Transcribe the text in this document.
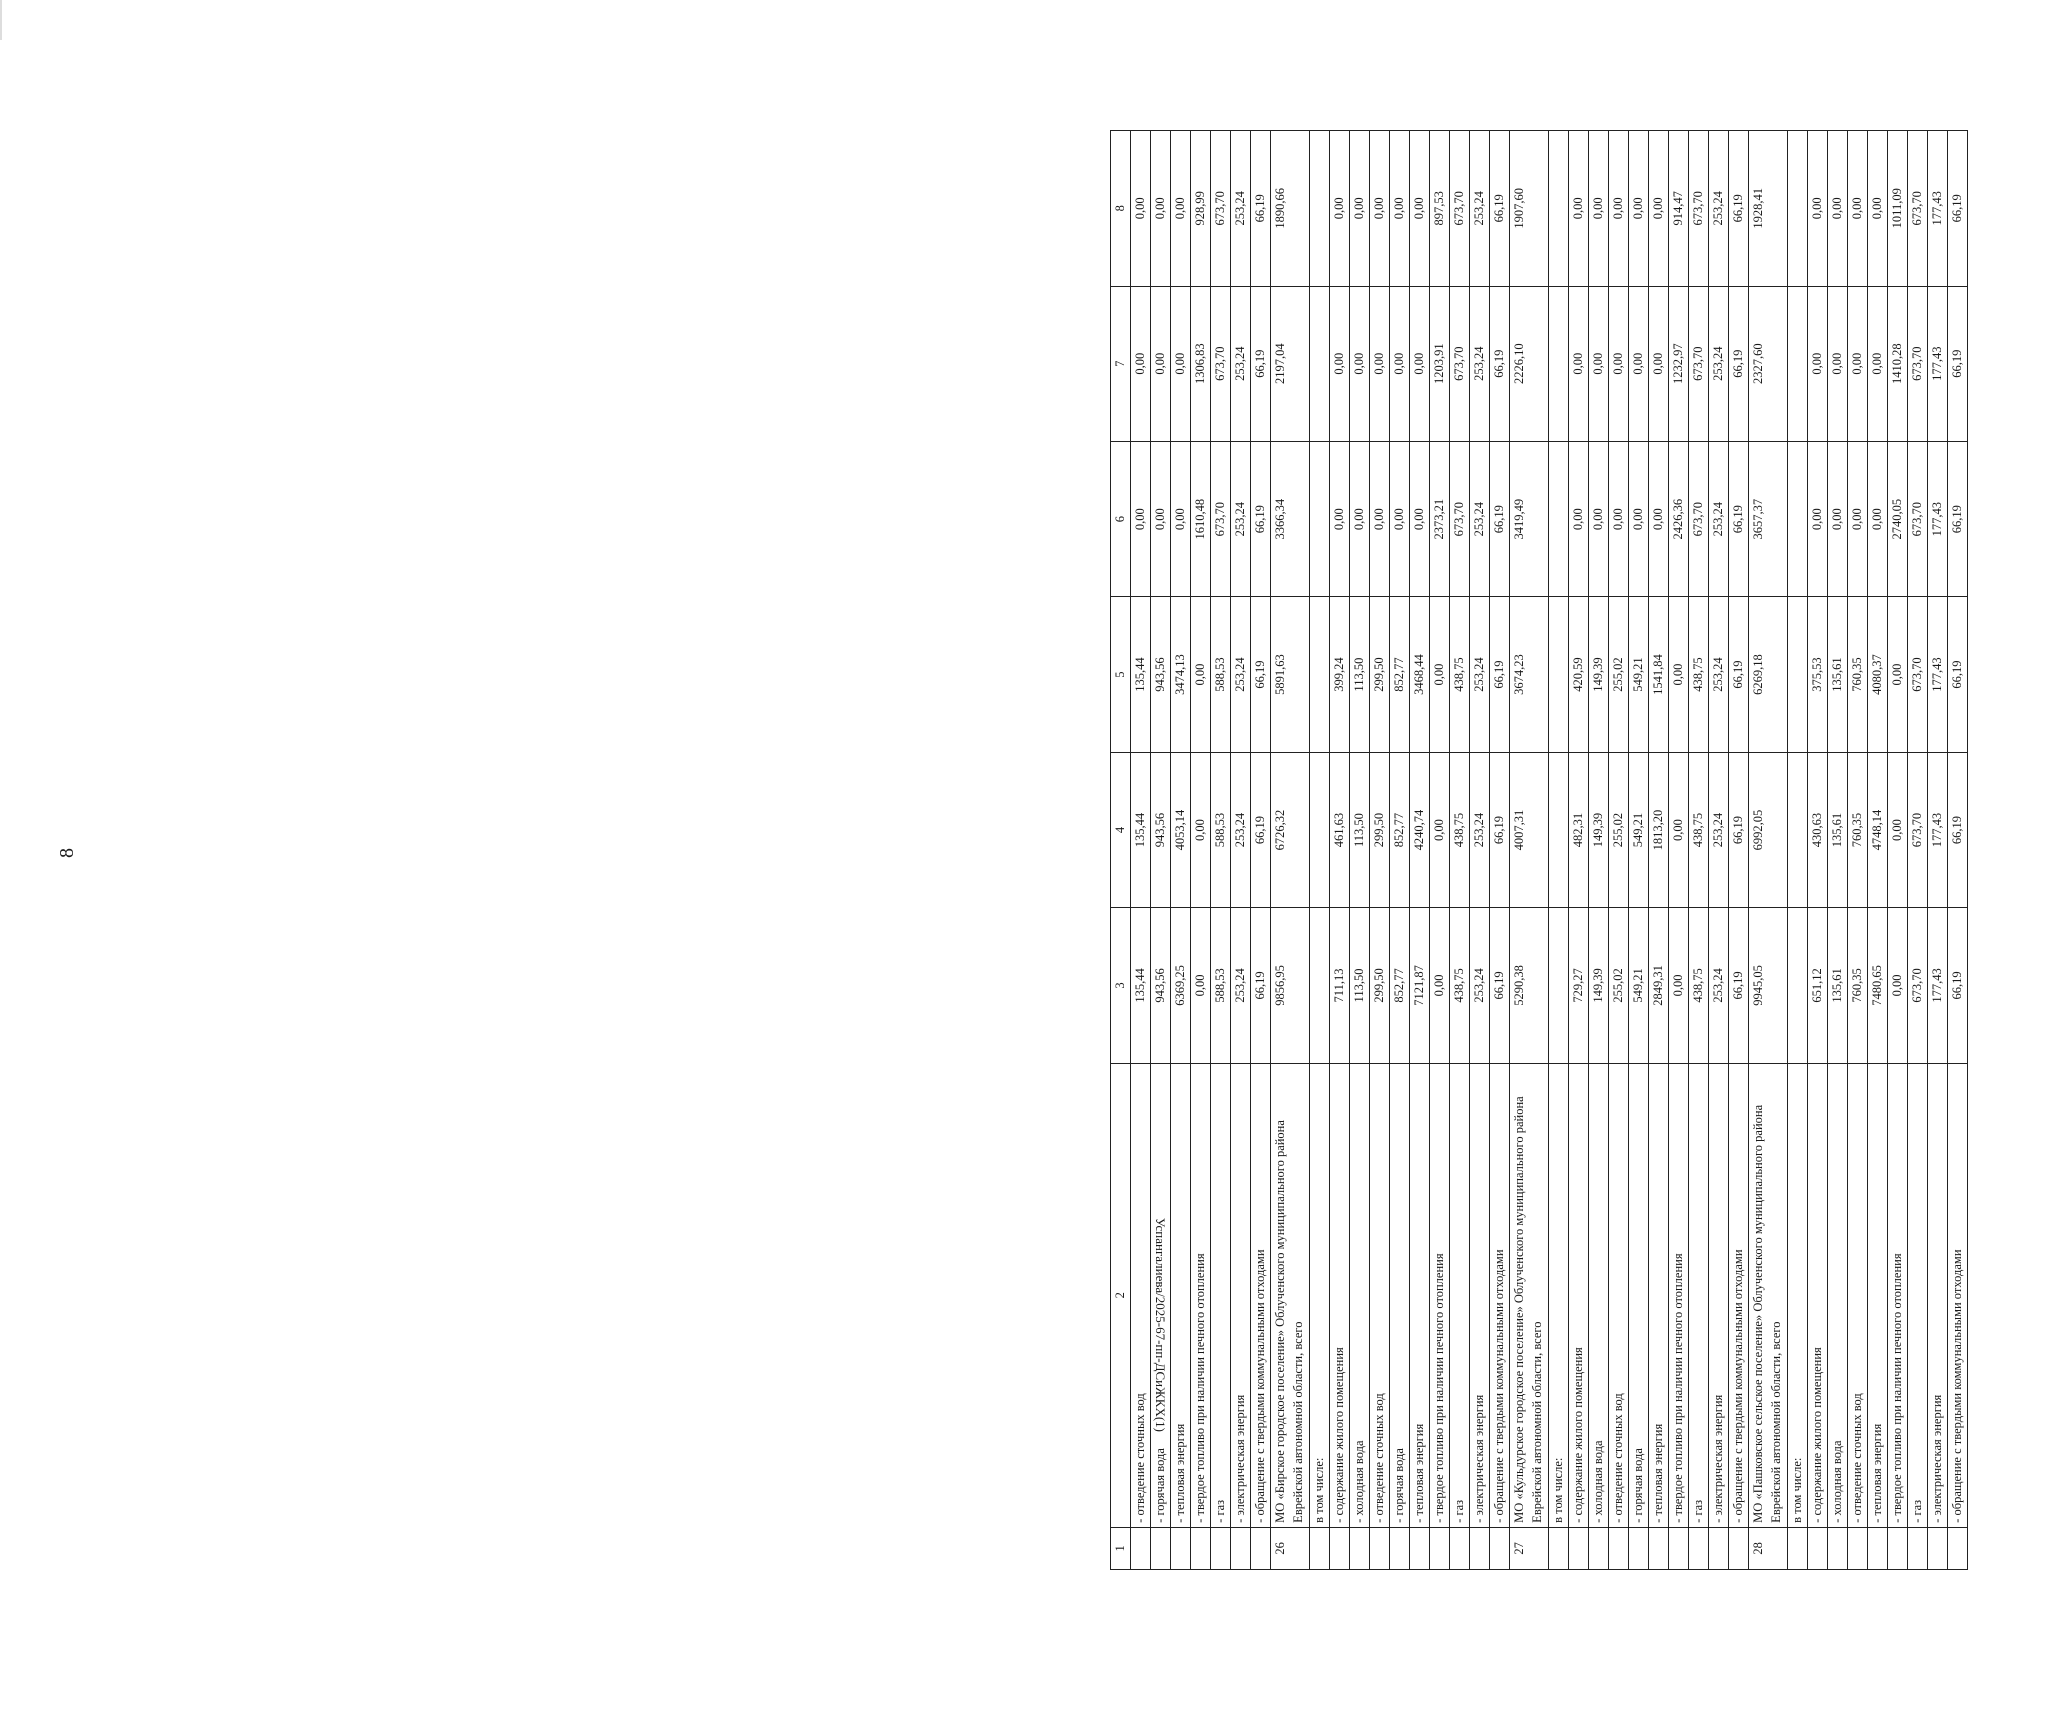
8
Успангалиева/2025-67-пп-ДСиЖКХ(1)
1	2	3	4	5	6	7	8
	- отведение сточных вод	135,44	135,44	135,44	0,00	0,00	0,00
	- горячая вода	943,56	943,56	943,56	0,00	0,00	0,00
	- тепловая энергия	6369,25	4053,14	3474,13	0,00	0,00	0,00
	- твердое топливо при наличии печного отопления	0,00	0,00	0,00	1610,48	1306,83	928,99
	- газ	588,53	588,53	588,53	673,70	673,70	673,70
	- электрическая энергия	253,24	253,24	253,24	253,24	253,24	253,24
	- обращение с твердыми коммунальными отходами	66,19	66,19	66,19	66,19	66,19	66,19
26	МО «Бирское городское поселение» Облученского муниципального района Еврейской автономной области, всего	9856,95	6726,32	5891,63	3366,34	2197,04	1890,66
	в том числе:						
	- содержание жилого помещения	711,13	461,63	399,24	0,00	0,00	0,00
	- холодная вода	113,50	113,50	113,50	0,00	0,00	0,00
	- отведение сточных вод	299,50	299,50	299,50	0,00	0,00	0,00
	- горячая вода	852,77	852,77	852,77	0,00	0,00	0,00
	- тепловая энергия	7121,87	4240,74	3468,44	0,00	0,00	0,00
	- твердое топливо при наличии печного отопления	0,00	0,00	0,00	2373,21	1203,91	897,53
	- газ	438,75	438,75	438,75	673,70	673,70	673,70
	- электрическая энергия	253,24	253,24	253,24	253,24	253,24	253,24
	- обращение с твердыми коммунальными отходами	66,19	66,19	66,19	66,19	66,19	66,19
27	МО «Кульдурское городское поселение» Облученского муниципального района Еврейской автономной области, всего	5290,38	4007,31	3674,23	3419,49	2226,10	1907,60
	в том числе:						
	- содержание жилого помещения	729,27	482,31	420,59	0,00	0,00	0,00
	- холодная вода	149,39	149,39	149,39	0,00	0,00	0,00
	- отведение сточных вод	255,02	255,02	255,02	0,00	0,00	0,00
	- горячая вода	549,21	549,21	549,21	0,00	0,00	0,00
	- тепловая энергия	2849,31	1813,20	1541,84	0,00	0,00	0,00
	- твердое топливо при наличии печного отопления	0,00	0,00	0,00	2426,36	1232,97	914,47
	- газ	438,75	438,75	438,75	673,70	673,70	673,70
	- электрическая энергия	253,24	253,24	253,24	253,24	253,24	253,24
	- обращение с твердыми коммунальными отходами	66,19	66,19	66,19	66,19	66,19	66,19
28	МО «Пашковское сельское поселение» Облученского муниципального района Еврейской автономной области, всего	9945,05	6992,05	6269,18	3657,37	2327,60	1928,41
	в том числе:						
	- содержание жилого помещения	651,12	430,63	375,53	0,00	0,00	0,00
	- холодная вода	135,61	135,61	135,61	0,00	0,00	0,00
	- отведение сточных вод	760,35	760,35	760,35	0,00	0,00	0,00
	- тепловая энергия	7480,65	4748,14	4080,37	0,00	0,00	0,00
	- твердое топливо при наличии печного отопления	0,00	0,00	0,00	2740,05	1410,28	1011,09
	- газ	673,70	673,70	673,70	673,70	673,70	673,70
	- электрическая энергия	177,43	177,43	177,43	177,43	177,43	177,43
	- обращение с твердыми коммунальными отходами	66,19	66,19	66,19	66,19	66,19	66,19
